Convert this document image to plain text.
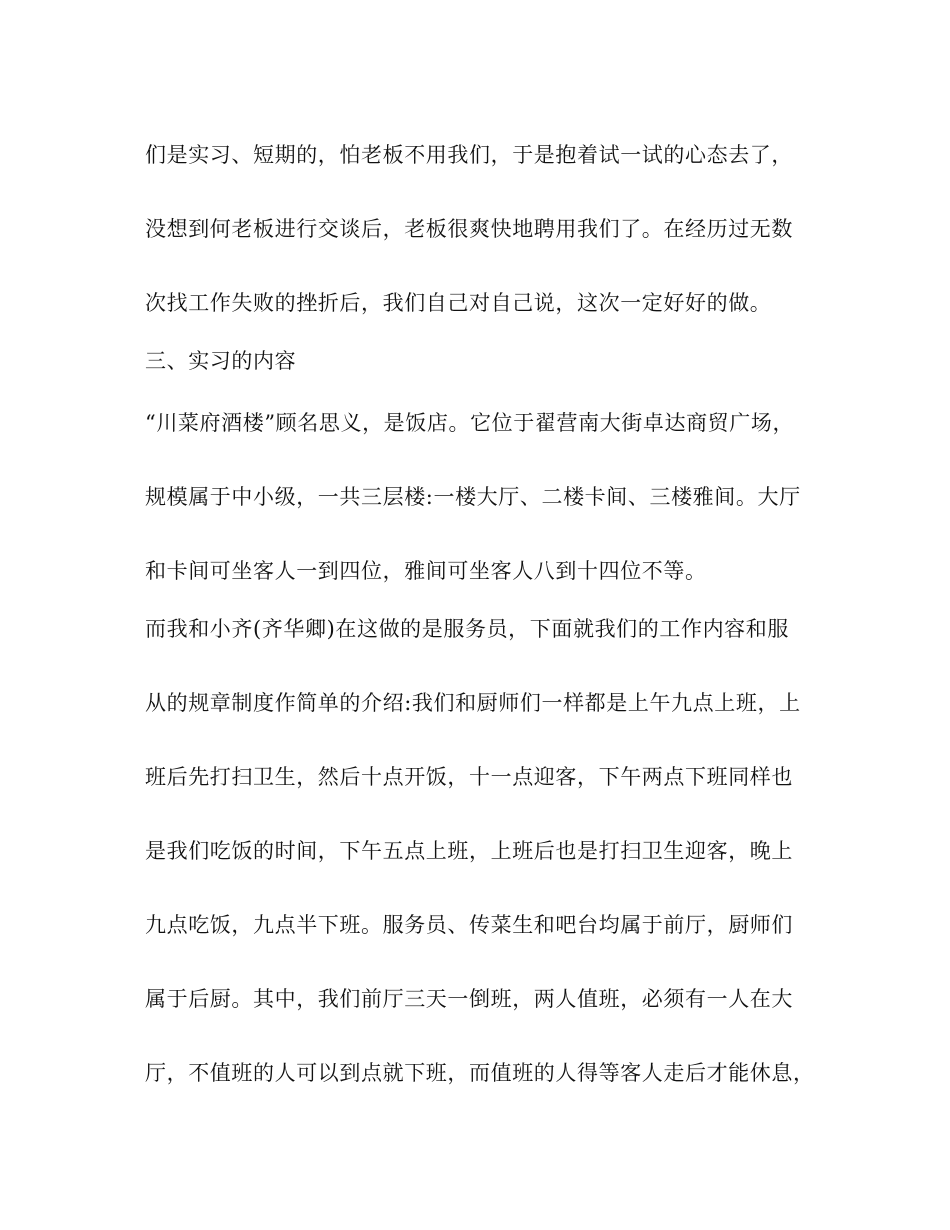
们是实习、短期的，怕老板不用我们，于是抱着试一试的心态去了，
没想到何老板进行交谈后，老板很爽快地聘用我们了。在经历过无数
次找工作失败的挫折后，我们自己对自己说，这次一定好好的做。
三、实习的内容
“川菜府酒楼”顾名思义，是饭店。它位于翟营南大街卓达商贸广场，
规模属于中小级，一共三层楼:一楼大厅、二楼卡间、三楼雅间。大厅
和卡间可坐客人一到四位，雅间可坐客人八到十四位不等。
而我和小齐(齐华卿)在这做的是服务员，下面就我们的工作内容和服
从的规章制度作简单的介绍:我们和厨师们一样都是上午九点上班，上
班后先打扫卫生，然后十点开饭，十一点迎客，下午两点下班同样也
是我们吃饭的时间，下午五点上班，上班后也是打扫卫生迎客，晚上
九点吃饭，九点半下班。服务员、传菜生和吧台均属于前厅，厨师们
属于后厨。其中，我们前厅三天一倒班，两人值班，必须有一人在大
厅，不值班的人可以到点就下班，而值班的人得等客人走后才能休息，
